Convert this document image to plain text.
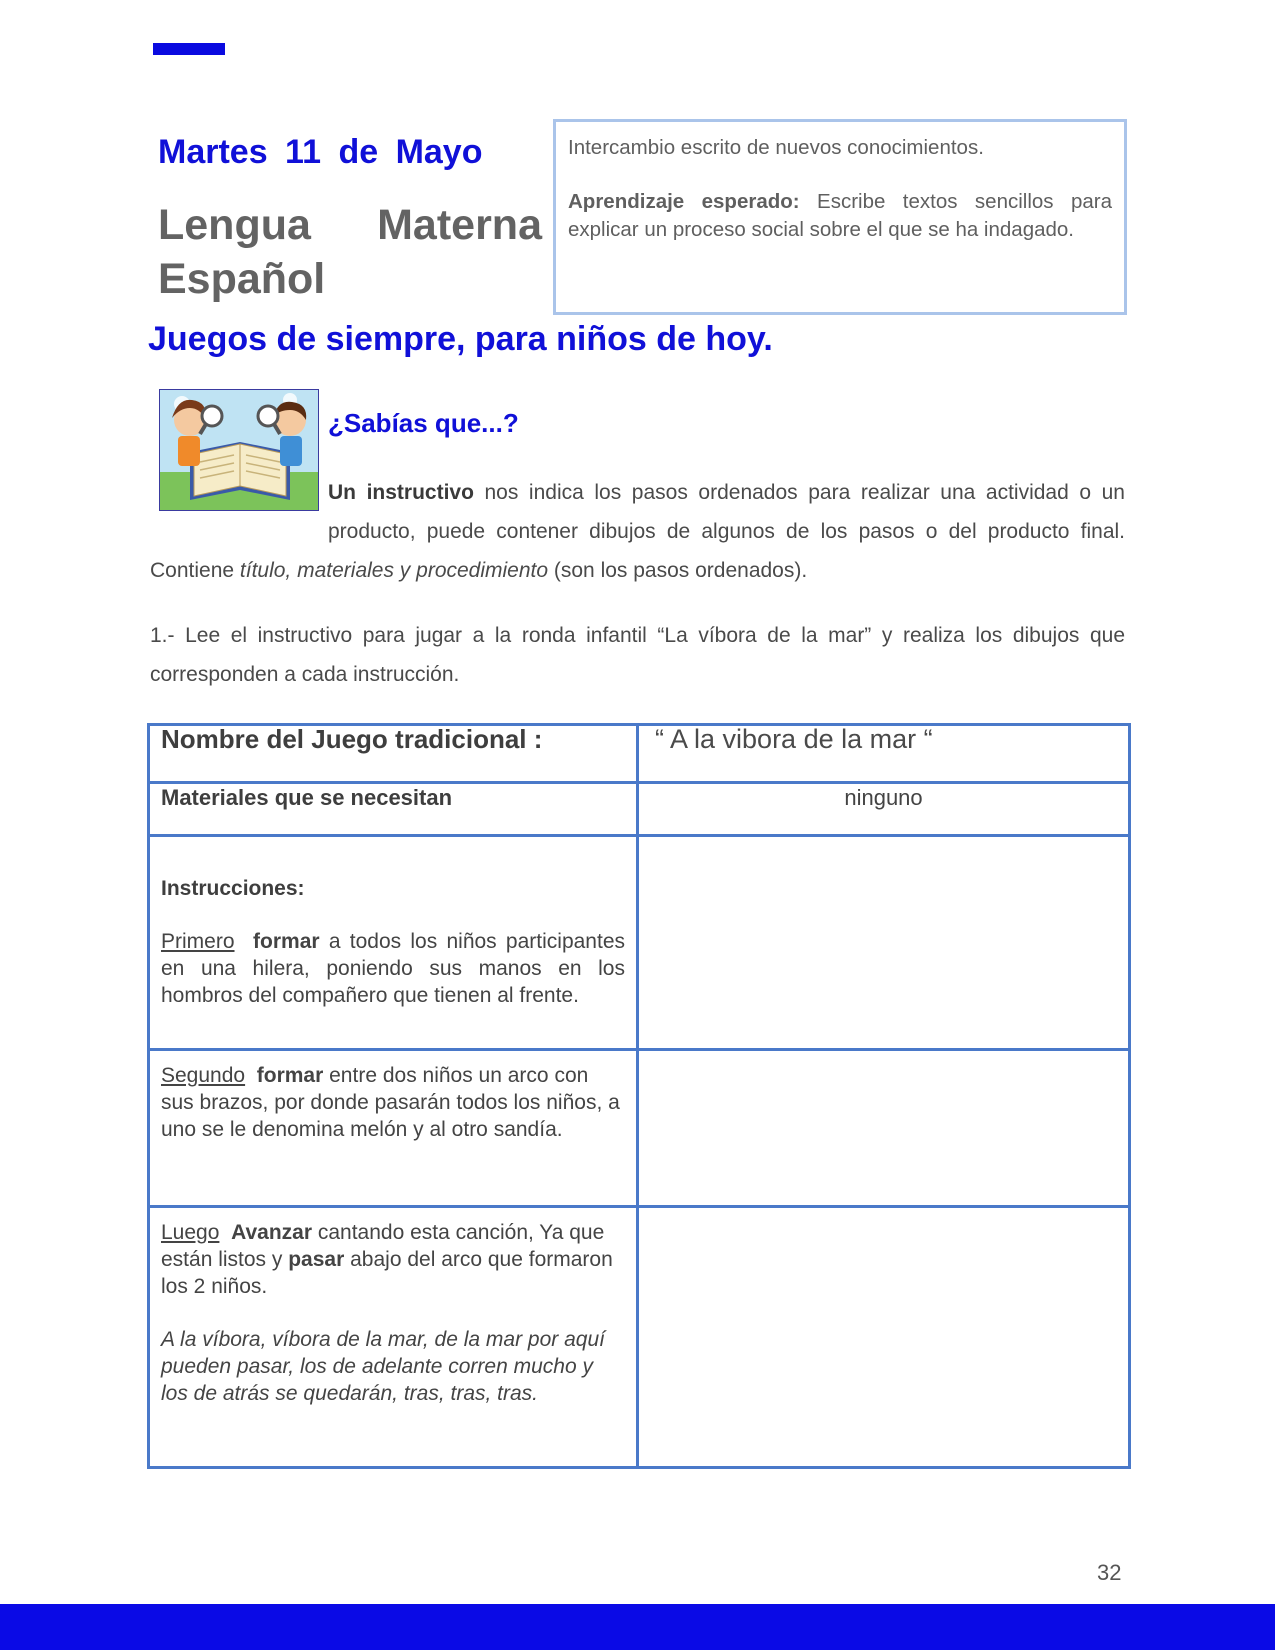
Martes 11 de Mayo
Lengua Materna
Español

Intercambio escrito de nuevos conocimientos.

Aprendizaje esperado: Escribe textos sencillos para explicar un proceso social sobre el que se ha indagado.

Juegos de siempre, para niños de hoy.
¿Sabías que...?
Un instructivo nos indica los pasos ordenados para realizar una actividad o un
producto, puede contener dibujos de algunos de los pasos o del producto final.
Contiene título, materiales y procedimiento (son los pasos ordenados).

1.- Lee el instructivo para jugar a la ronda infantil “La víbora de la mar” y realiza los dibujos que corresponden a cada instrucción.

Nombre del Juego tradicional :	“ A la vibora de la mar “
Materiales que se necesitan	ninguno

Instrucciones:
Primero formar a todos los niños participantes en una hilera, poniendo sus manos en los hombros del compañero que tienen al frente.	

Segundo formar entre dos niños un arco con sus brazos, por donde pasarán todos los niños, a uno se le denomina melón y al otro sandía.	

Luego Avanzar cantando esta canción, Ya que están listos y pasar abajo del arco que formaron los 2 niños.
A la víbora, víbora de la mar, de la mar por aquí pueden pasar, los de adelante corren mucho y los de atrás se quedarán, tras, tras, tras.	

32
